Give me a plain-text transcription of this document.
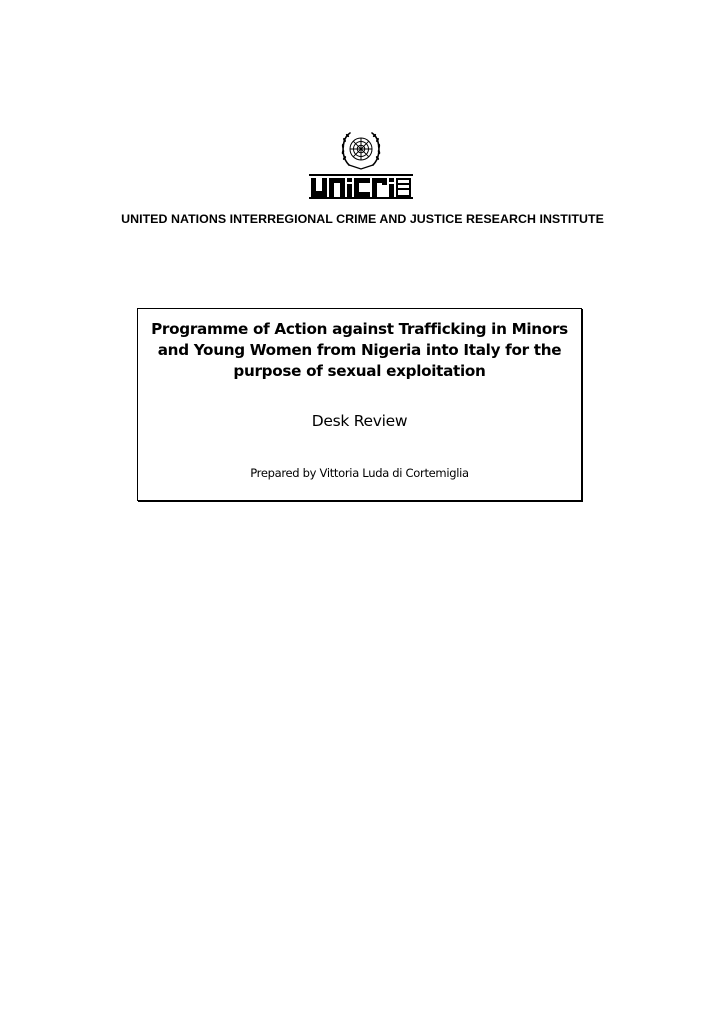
UNITED NATIONS INTERREGIONAL CRIME AND JUSTICE RESEARCH INSTITUTE
Programme of Action against Trafficking in Minors
and Young Women from Nigeria into Italy for the
purpose of sexual exploitation
Desk Review
Prepared by Vittoria Luda di Cortemiglia
